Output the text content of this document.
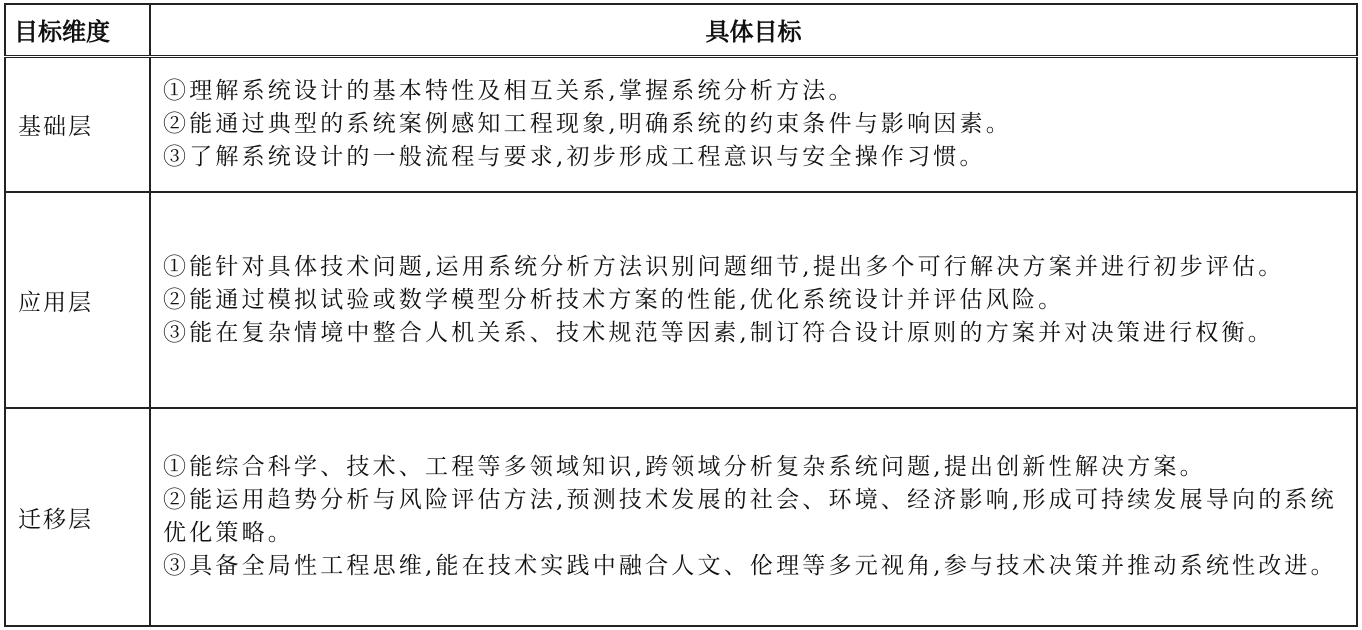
目标维度	具体目标
基础层	①理解系统设计的基本特性及相互关系,掌握系统分析方法。
②能通过典型的系统案例感知工程现象,明确系统的约束条件与影响因素。
③了解系统设计的一般流程与要求,初步形成工程意识与安全操作习惯。

应用层	①能针对具体技术问题,运用系统分析方法识别问题细节,提出多个可行解决方案并进行初步评估。
②能通过模拟试验或数学模型分析技术方案的性能,优化系统设计并评估风险。
③能在复杂情境中整合人机关系、技术规范等因素,制订符合设计原则的方案并对决策进行权衡。

迁移层	①能综合科学、技术、工程等多领域知识,跨领域分析复杂系统问题,提出创新性解决方案。
②能运用趋势分析与风险评估方法,预测技术发展的社会、环境、经济影响,形成可持续发展导向的系统优化策略。
③具备全局性工程思维,能在技术实践中融合人文、伦理等多元视角,参与技术决策并推动系统性改进。
